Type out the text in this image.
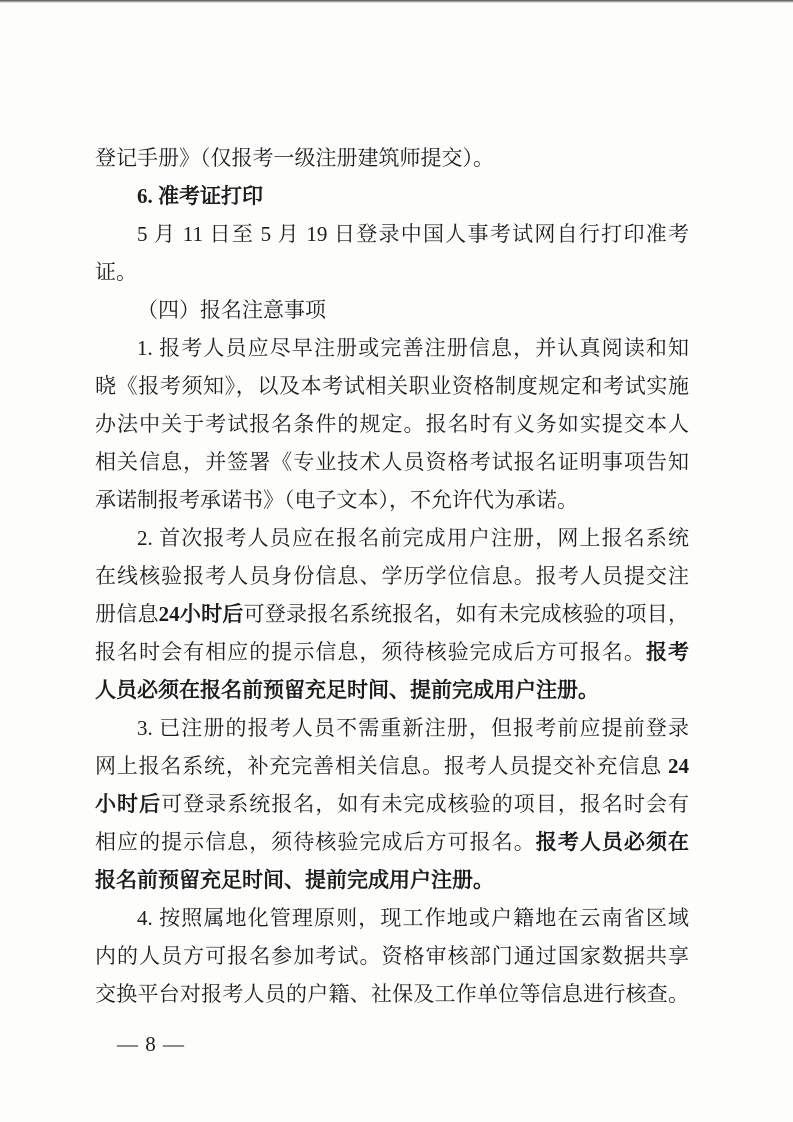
登记手册》（仅报考一级注册建筑师提交）。
6. 准考证打印
5 月 11 日至 5 月 19 日登录中国人事考试网自行打印准考
证。
（四）报名注意事项
1. 报考人员应尽早注册或完善注册信息，并认真阅读和知
晓《报考须知》，以及本考试相关职业资格制度规定和考试实施
办法中关于考试报名条件的规定。报名时有义务如实提交本人
相关信息，并签署《专业技术人员资格考试报名证明事项告知
承诺制报考承诺书》（电子文本），不允许代为承诺。
2. 首次报考人员应在报名前完成用户注册，网上报名系统
在线核验报考人员身份信息、学历学位信息。报考人员提交注
册信息24小时后可登录报名系统报名，如有未完成核验的项目，
报名时会有相应的提示信息，须待核验完成后方可报名。报考
人员必须在报名前预留充足时间、提前完成用户注册。
3. 已注册的报考人员不需重新注册，但报考前应提前登录
网上报名系统，补充完善相关信息。报考人员提交补充信息 24
小时后可登录系统报名，如有未完成核验的项目，报名时会有
相应的提示信息，须待核验完成后方可报名。报考人员必须在
报名前预留充足时间、提前完成用户注册。
4. 按照属地化管理原则，现工作地或户籍地在云南省区域
内的人员方可报名参加考试。资格审核部门通过国家数据共享
交换平台对报考人员的户籍、社保及工作单位等信息进行核查。
— 8 —
